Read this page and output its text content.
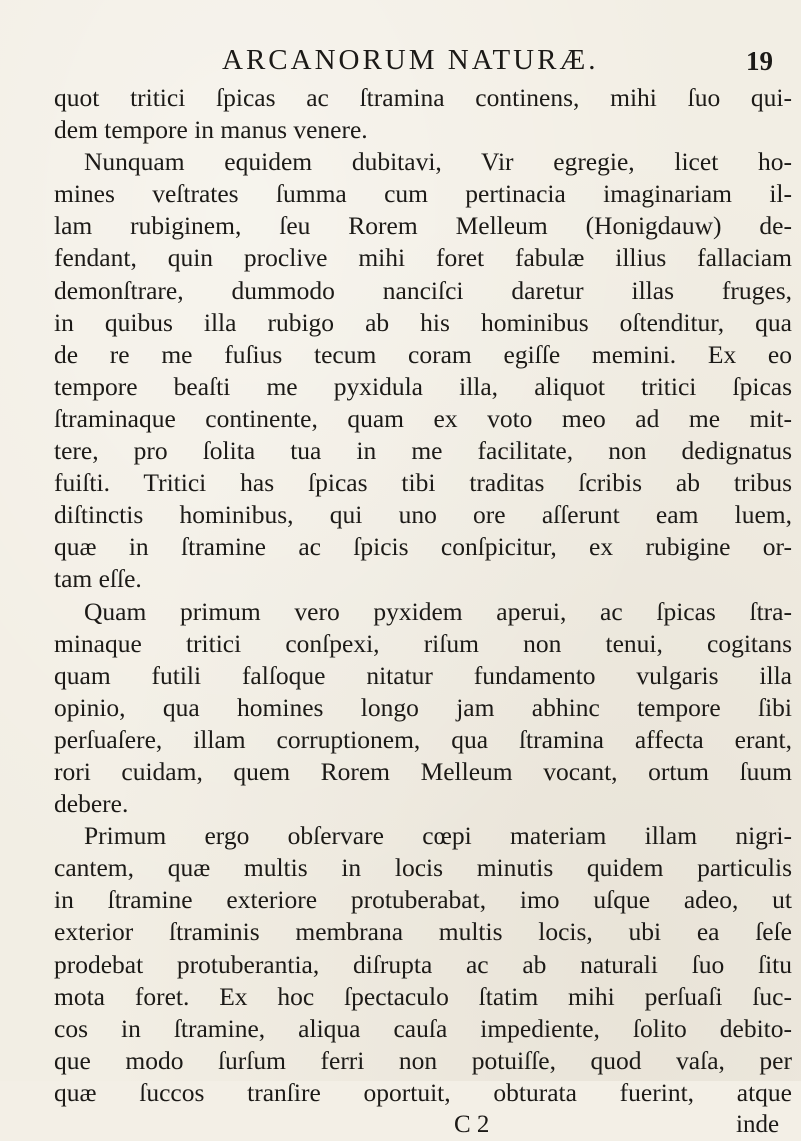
ARCANORUM NATURÆ.	19
quot tritici ſpicas ac ſtramina continens, mihi ſuo qui-
dem tempore in manus venere.
Nunquam equidem dubitavi, Vir egregie, licet ho-
mines veſtrates ſumma cum pertinacia imaginariam il-
lam rubiginem, ſeu Rorem Melleum (Honigdauw) de-
fendant, quin proclive mihi foret fabulæ illius fallaciam
demonſtrare, dummodo nanciſci daretur illas fruges,
in quibus illa rubigo ab his hominibus oſtenditur, qua
de re me fuſius tecum coram egiſſe memini. Ex eo
tempore beaſti me pyxidula illa, aliquot tritici ſpicas
ſtraminaque continente, quam ex voto meo ad me mit-
tere, pro ſolita tua in me facilitate, non dedignatus
fuiſti. Tritici has ſpicas tibi traditas ſcribis ab tribus
diſtinctis hominibus, qui uno ore aſſerunt eam luem,
quæ in ſtramine ac ſpicis conſpicitur, ex rubigine or-
tam eſſe.
Quam primum vero pyxidem aperui, ac ſpicas ſtra-
minaque tritici conſpexi, riſum non tenui, cogitans
quam futili falſoque nitatur fundamento vulgaris illa
opinio, qua homines longo jam abhinc tempore ſibi
perſuaſere, illam corruptionem, qua ſtramina affecta erant,
rori cuidam, quem Rorem Melleum vocant, ortum ſuum
debere.
Primum ergo obſervare cœpi materiam illam nigri-
cantem, quæ multis in locis minutis quidem particulis
in ſtramine exteriore protuberabat, imo uſque adeo, ut
exterior ſtraminis membrana multis locis, ubi ea ſeſe
prodebat protuberantia, diſrupta ac ab naturali ſuo ſitu
mota foret. Ex hoc ſpectaculo ſtatim mihi perſuaſi ſuc-
cos in ſtramine, aliqua cauſa impediente, ſolito debito-
que modo ſurſum ferri non potuiſſe, quod vaſa, per
quæ ſuccos tranſire oportuit, obturata fuerint, atque
C 2	inde
